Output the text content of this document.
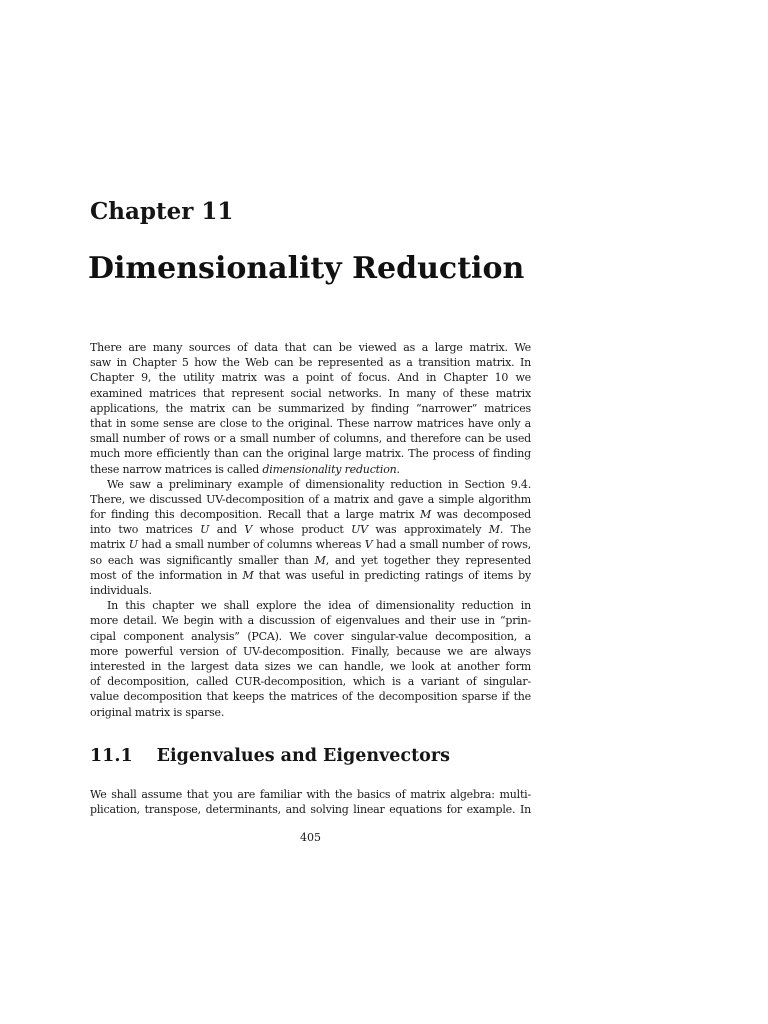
Chapter 11
Dimensionality Reduction
There are many sources of data that can be viewed as a large matrix. We
saw in Chapter 5 how the Web can be represented as a transition matrix. In
Chapter 9, the utility matrix was a point of focus. And in Chapter 10 we
examined matrices that represent social networks. In many of these matrix
applications, the matrix can be summarized by finding “narrower” matrices
that in some sense are close to the original. These narrow matrices have only a
small number of rows or a small number of columns, and therefore can be used
much more efficiently than can the original large matrix. The process of finding
these narrow matrices is called dimensionality reduction.
We saw a preliminary example of dimensionality reduction in Section 9.4.
There, we discussed UV-decomposition of a matrix and gave a simple algorithm
for finding this decomposition. Recall that a large matrix M was decomposed
into two matrices U and V whose product UV was approximately M. The
matrix U had a small number of columns whereas V had a small number of rows,
so each was significantly smaller than M, and yet together they represented
most of the information in M that was useful in predicting ratings of items by
individuals.
In this chapter we shall explore the idea of dimensionality reduction in
more detail. We begin with a discussion of eigenvalues and their use in “prin-
cipal component analysis” (PCA). We cover singular-value decomposition, a
more powerful version of UV-decomposition. Finally, because we are always
interested in the largest data sizes we can handle, we look at another form
of decomposition, called CUR-decomposition, which is a variant of singular-
value decomposition that keeps the matrices of the decomposition sparse if the
original matrix is sparse.
11.1 Eigenvalues and Eigenvectors
We shall assume that you are familiar with the basics of matrix algebra: multi-
plication, transpose, determinants, and solving linear equations for example. In
405
